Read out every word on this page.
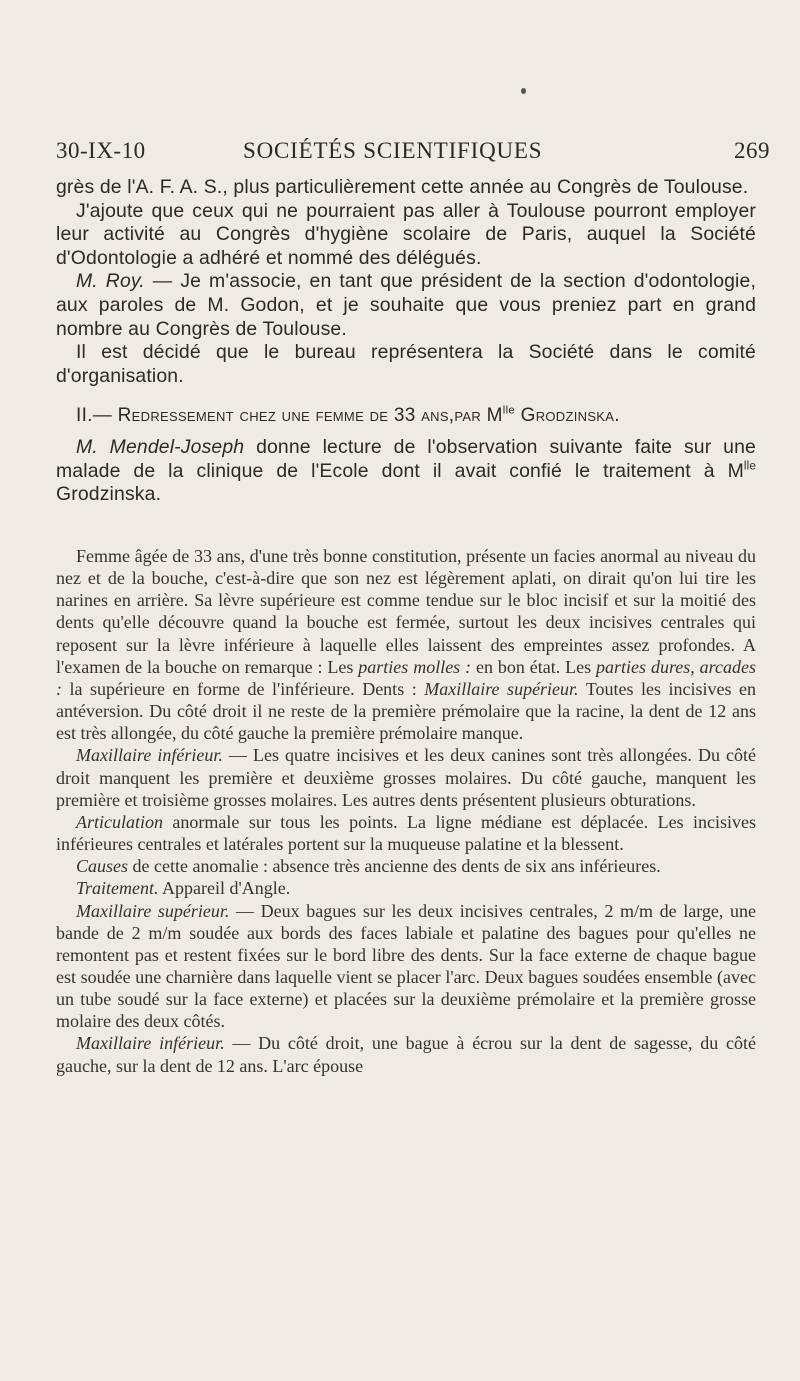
30-IX-10	SOCIÉTÉS SCIENTIFIQUES	269

grès de l'A. F. A. S., plus particulièrement cette année au Congrès de Toulouse.

J'ajoute que ceux qui ne pourraient pas aller à Toulouse pourront employer leur activité au Congrès d'hygiène scolaire de Paris, auquel la Société d'Odontologie a adhéré et nommé des délégués.

M. Roy. — Je m'associe, en tant que président de la section d'odontologie, aux paroles de M. Godon, et je souhaite que vous preniez part en grand nombre au Congrès de Toulouse.

Il est décidé que le bureau représentera la Société dans le comité d'organisation.

II.— Redressement chez une femme de 33 ans,par $M^{lle}$ Grodzinska.

M. Mendel-Joseph donne lecture de l'observation suivante faite sur une malade de la clinique de l'Ecole dont il avait confié le traitement à $M^{lle}$ Grodzinska.

Femme âgée de 33 ans, d'une très bonne constitution, présente un facies anormal au niveau du nez et de la bouche, c'est-à-dire que son nez est légèrement aplati, on dirait qu'on lui tire les narines en arrière. Sa lèvre supérieure est comme tendue sur le bloc incisif et sur la moitié des dents qu'elle découvre quand la bouche est fermée, surtout les deux incisives centrales qui reposent sur la lèvre inférieure à laquelle elles laissent des empreintes assez profondes. A l'examen de la bouche on remarque : Les parties molles : en bon état. Les parties dures, arcades : la supérieure en forme de l'inférieure. Dents : Maxillaire supérieur. Toutes les incisives en antéversion. Du côté droit il ne reste de la première prémolaire que la racine, la dent de 12 ans est très allongée, du côté gauche la première prémolaire manque.

Maxillaire inférieur. — Les quatre incisives et les deux canines sont très allongées. Du côté droit manquent les première et deuxième grosses molaires. Du côté gauche, manquent les première et troisième grosses molaires. Les autres dents présentent plusieurs obturations.

Articulation anormale sur tous les points. La ligne médiane est déplacée. Les incisives inférieures centrales et latérales portent sur la muqueuse palatine et la blessent.

Causes de cette anomalie : absence très ancienne des dents de six ans inférieures.

Traitement. Appareil d'Angle.

Maxillaire supérieur. — Deux bagues sur les deux incisives centrales, 2 m/m de large, une bande de 2 m/m soudée aux bords des faces labiale et palatine des bagues pour qu'elles ne remontent pas et restent fixées sur le bord libre des dents. Sur la face externe de chaque bague est soudée une charnière dans laquelle vient se placer l'arc. Deux bagues soudées ensemble (avec un tube soudé sur la face externe) et placées sur la deuxième prémolaire et la première grosse molaire des deux côtés.

Maxillaire inférieur. — Du côté droit, une bague à écrou sur la dent de sagesse, du côté gauche, sur la dent de 12 ans. L'arc épouse
